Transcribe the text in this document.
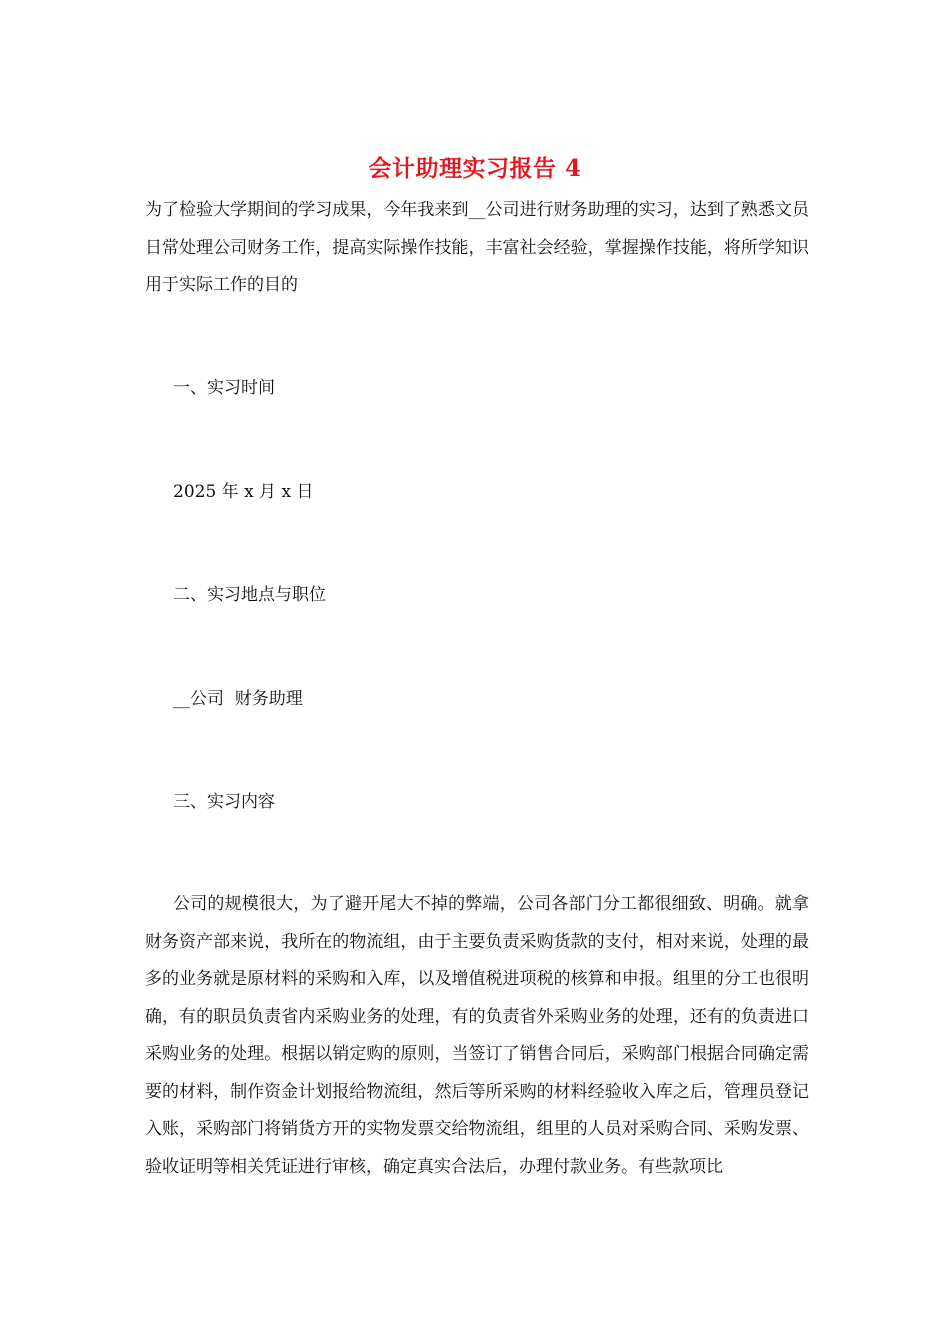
会计助理实习报告 4
为了检验大学期间的学习成果，今年我来到__公司进行财务助理的实习，达到了熟悉文员日常处理公司财务工作，提高实际操作技能，丰富社会经验，掌握操作技能，将所学知识用于实际工作的目的
一、实习时间
2025 年 x 月 x 日
二、实习地点与职位
__公司  财务助理
三、实习内容
公司的规模很大，为了避开尾大不掉的弊端，公司各部门分工都很细致、明确。就拿财务资产部来说，我所在的物流组，由于主要负责采购货款的支付，相对来说，处理的最多的业务就是原材料的采购和入库，以及增值税进项税的核算和申报。组里的分工也很明确，有的职员负责省内采购业务的处理，有的负责省外采购业务的处理，还有的负责进口采购业务的处理。根据以销定购的原则，当签订了销售合同后，采购部门根据合同确定需要的材料，制作资金计划报给物流组，然后等所采购的材料经验收入库之后，管理员登记入账，采购部门将销货方开的实物发票交给物流组，组里的人员对采购合同、采购发票、验收证明等相关凭证进行审核，确定真实合法后，办理付款业务。有些款项比
